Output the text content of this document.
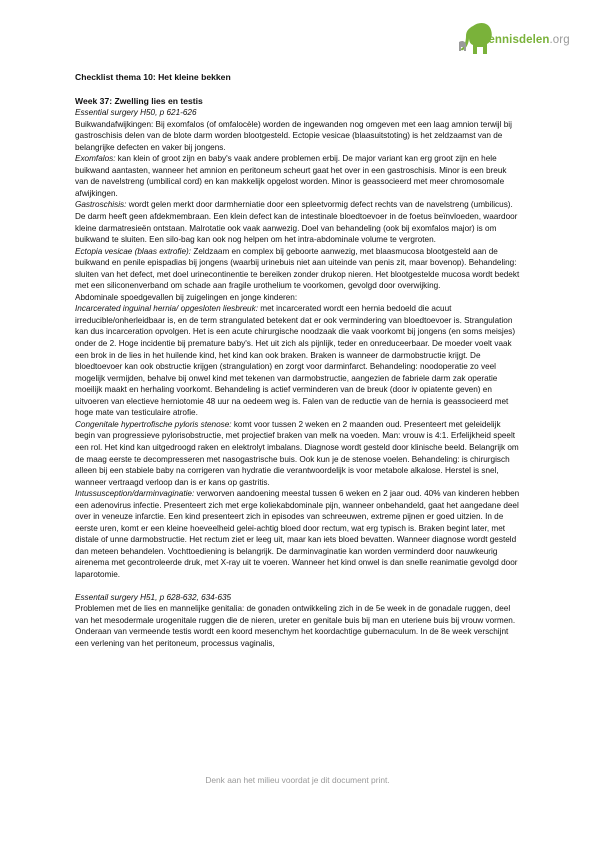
Kennisdelen.org

Checklist thema 10: Het kleine bekken

Week 37: Zwelling lies en testis

Essential surgery H50, p 621-626

Buikwandafwijkingen: Bij exomfalos (of omfalocèle) worden de ingewanden nog omgeven met een laag amnion terwijl bij gastroschisis delen van de blote darm worden blootgesteld. Ectopie vesicae (blaasuitstoting) is het zeldzaamst van de belangrijke defecten en vaker bij jongens.

Exomfalos: kan klein of groot zijn en baby's vaak andere problemen erbij. De major variant kan erg groot zijn en hele buikwand aantasten, wanneer het amnion en peritoneum scheurt gaat het over in een gastroschisis. Minor is een breuk van de navelstreng (umbilical cord) en kan makkelijk opgelost worden. Minor is geassocieerd met meer chromosomale afwijkingen.

Gastroschisis: wordt gelen merkt door darmherniatie door een spleetvormig defect rechts van de navelstreng (umbilicus). De darm heeft geen afdekmembraan. Een klein defect kan de intestinale bloedtoevoer in de foetus beïnvloeden, waardoor kleine darmatresieën ontstaan. Malrotatie ook vaak aanwezig. Doel van behandeling (ook bij exomfalos major) is om buikwand te sluiten. Een silo-bag kan ook nog helpen om het intra-abdominale volume te vergroten.

Ectopia vesicae (blaas extrofie): Zeldzaam en complex bij geboorte aanwezig, met blaasmucosa blootgesteld aan de buikwand en penile epispadias bij jongens (waarbij urinebuis niet aan uiteinde van penis zit, maar bovenop). Behandeling: sluiten van het defect, met doel urinecontinentie te bereiken zonder drukop nieren. Het blootgestelde mucosa wordt bedekt met een siliconenverband om schade aan fragile urothelium te voorkomen, gevolgd door overwijking.

Abdominale spoedgevallen bij zuigelingen en jonge kinderen:

Incarcerated inguinal hernia/ opgesloten liesbreuk: met incarcerated wordt een hernia bedoeld die acuut irreducible/onherleidbaar is, en de term strangulated betekent dat er ook vermindering van bloedtoevoer is. Strangulation kan dus incarceration opvolgen. Het is een acute chirurgische noodzaak die vaak voorkomt bij jongens (en soms meisjes) onder de 2. Hoge incidentie bij premature baby's. Het uit zich als pijnlijk, teder en onreduceerbaar. De moeder voelt vaak een brok in de lies in het huilende kind, het kind kan ook braken. Braken is wanneer de darmobstructie krijgt. De bloedtoevoer kan ook obstructie krijgen (strangulation) en zorgt voor darminfarct. Behandeling: noodoperatie zo veel mogelijk vermijden, behalve bij onwel kind met tekenen van darmobstructie, aangezien de fabriele darm zak operatie moeilijk maakt en herhaling voorkomt. Behandeling is actief verminderen van de breuk (door iv opiatente geven) en uitvoeren van electieve herniotomie 48 uur na oedeem weg is. Falen van de reductie van de hernia is geassocieerd met hoge mate van testiculaire atrofie.

Congenitale hypertrofische pyloris stenose: komt voor tussen 2 weken en 2 maanden oud. Presenteert met geleidelijk begin van progressieve pylorisobstructie, met projectief braken van melk na voeden. Man: vrouw is 4:1. Erfelijkheid speelt een rol. Het kind kan uitgedroogd raken en elektrolyt imbalans. Diagnose wordt gesteld door klinische beeld. Belangrijk om de maag eerste te decompresseren met nasogastrische buis. Ook kun je de stenose voelen. Behandeling: is chirurgisch alleen bij een stabiele baby na corrigeren van hydratie die verantwoordelijk is voor metabole alkalose. Herstel is snel, wanneer vertraagd verloop dan is er kans op gastritis.

Intussusception/darminvaginatie: verworven aandoening meestal tussen 6 weken en 2 jaar oud. 40% van kinderen hebben een adenovirus infectie. Presenteert zich met erge koliekabdominale pijn, wanneer onbehandeld, gaat het aangedane deel over in veneuze infarctie. Een kind presenteert zich in episodes van schreeuwen, extreme pijnen er goed uitzien. In de eerste uren, komt er een kleine hoeveelheid gelei-achtig bloed door rectum, wat erg typisch is. Braken begint later, met distale of unne darmobstructie. Het rectum ziet er leeg uit, maar kan iets bloed bevatten. Wanneer diagnose wordt gesteld dan meteen behandelen. Vochttoediening is belangrijk. De darminvaginatie kan worden verminderd door nauwkeurig airenema met gecontroleerde druk, met X-ray uit te voeren. Wanneer het kind onwel is dan snelle reanimatie gevolgd door laparotomie.

Essentail surgery H51, p 628-632, 634-635

Problemen met de lies en mannelijke genitalia: de gonaden ontwikkeling zich in de 5e week in de gonadale ruggen, deel van het mesodermale urogenitale ruggen die de nieren, ureter en genitale buis bij man en uteriene buis bij vrouw vormen. Onderaan van vermeende testis wordt een koord mesenchym het koordachtige gubernaculum. In de 8e week verschijnt een verlening van het peritoneum, processus vaginalis,

Denk aan het milieu voordat je dit document print.
